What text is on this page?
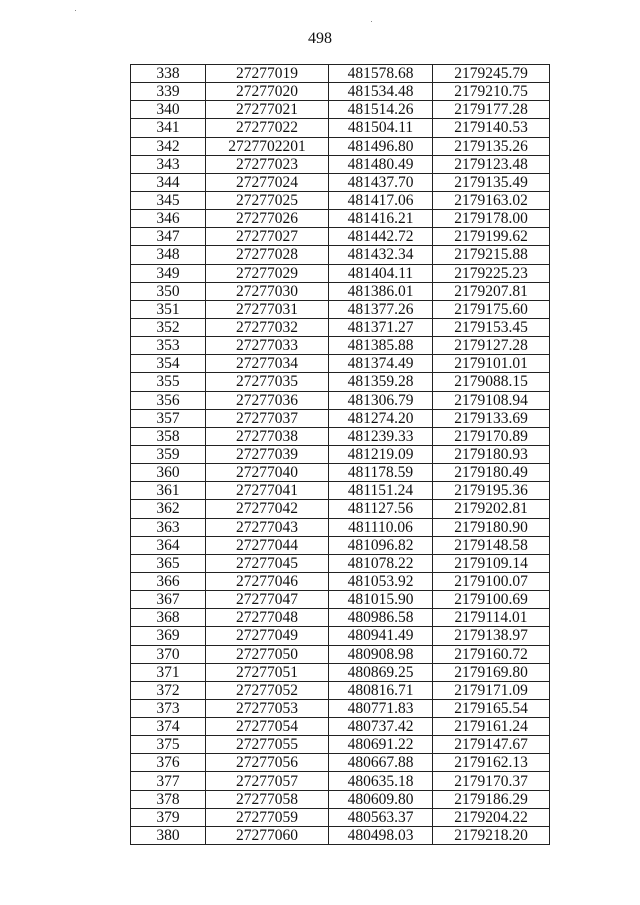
498
338	27277019	481578.68	2179245.79
339	27277020	481534.48	2179210.75
340	27277021	481514.26	2179177.28
341	27277022	481504.11	2179140.53
342	2727702201	481496.80	2179135.26
343	27277023	481480.49	2179123.48
344	27277024	481437.70	2179135.49
345	27277025	481417.06	2179163.02
346	27277026	481416.21	2179178.00
347	27277027	481442.72	2179199.62
348	27277028	481432.34	2179215.88
349	27277029	481404.11	2179225.23
350	27277030	481386.01	2179207.81
351	27277031	481377.26	2179175.60
352	27277032	481371.27	2179153.45
353	27277033	481385.88	2179127.28
354	27277034	481374.49	2179101.01
355	27277035	481359.28	2179088.15
356	27277036	481306.79	2179108.94
357	27277037	481274.20	2179133.69
358	27277038	481239.33	2179170.89
359	27277039	481219.09	2179180.93
360	27277040	481178.59	2179180.49
361	27277041	481151.24	2179195.36
362	27277042	481127.56	2179202.81
363	27277043	481110.06	2179180.90
364	27277044	481096.82	2179148.58
365	27277045	481078.22	2179109.14
366	27277046	481053.92	2179100.07
367	27277047	481015.90	2179100.69
368	27277048	480986.58	2179114.01
369	27277049	480941.49	2179138.97
370	27277050	480908.98	2179160.72
371	27277051	480869.25	2179169.80
372	27277052	480816.71	2179171.09
373	27277053	480771.83	2179165.54
374	27277054	480737.42	2179161.24
375	27277055	480691.22	2179147.67
376	27277056	480667.88	2179162.13
377	27277057	480635.18	2179170.37
378	27277058	480609.80	2179186.29
379	27277059	480563.37	2179204.22
380	27277060	480498.03	2179218.20
